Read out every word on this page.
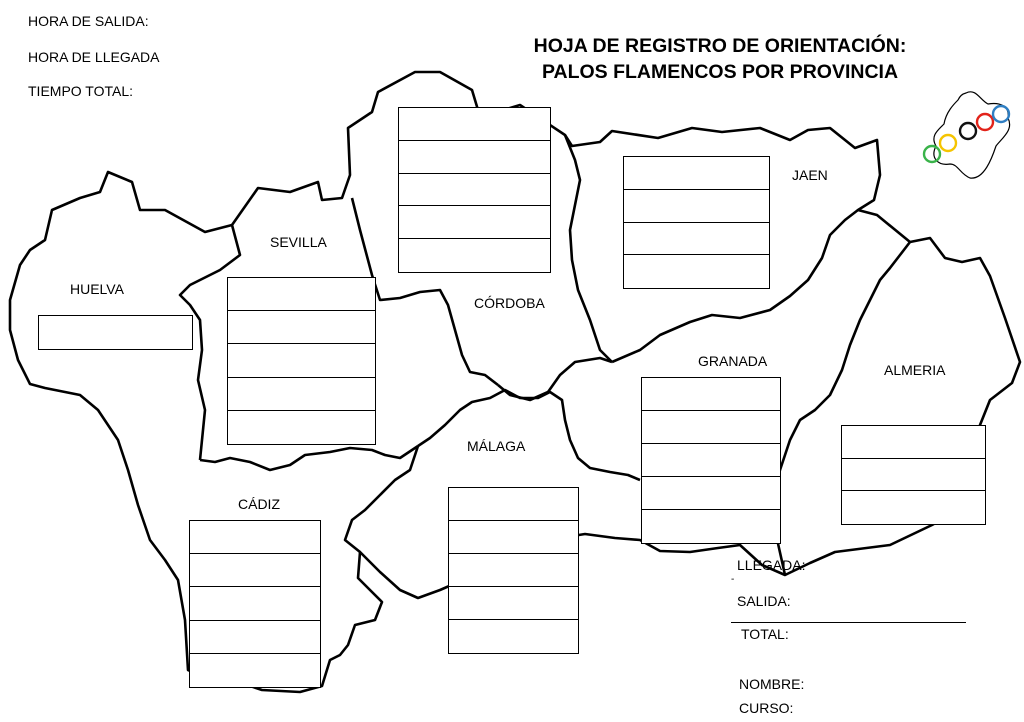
HORA DE SALIDA:
HORA DE LLEGADA
TIEMPO TOTAL:
HOJA DE REGISTRO DE ORIENTACIÓN:
PALOS FLAMENCOS POR PROVINCIA
HUELVA
SEVILLA
CÓRDOBA
JAEN
GRANADA
ALMERIA
MÁLAGA
CÁDIZ
LLEGADA:
-
SALIDA:
TOTAL:
NOMBRE:
CURSO:
